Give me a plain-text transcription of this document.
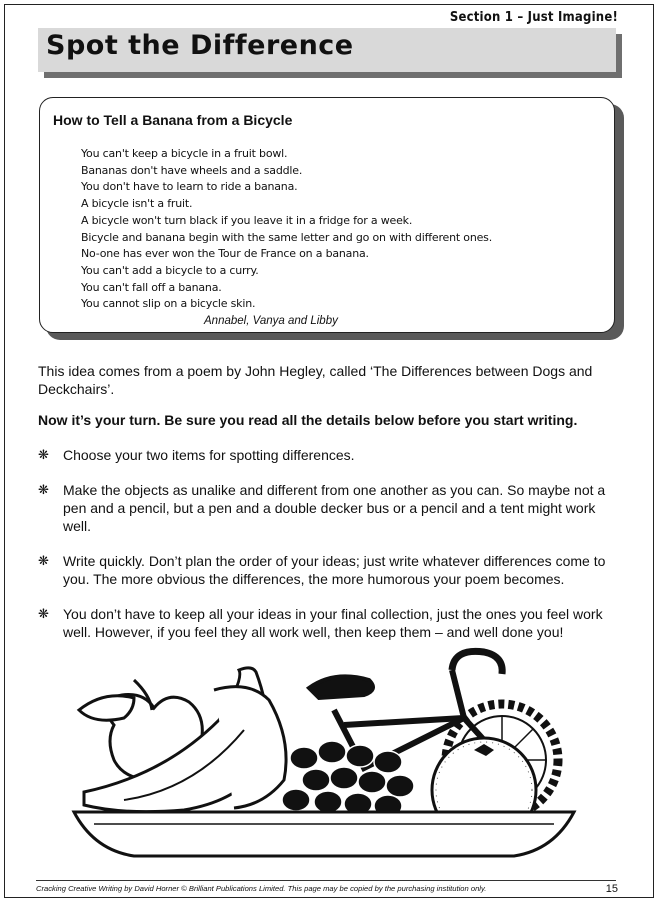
Section 1 – Just Imagine!
Spot the Difference
How to Tell a Banana from a Bicycle
You can't keep a bicycle in a fruit bowl.
Bananas don't have wheels and a saddle.
You don't have to learn to ride a banana.
A bicycle isn't a fruit.
A bicycle won't turn black if you leave it in a fridge for a week.
Bicycle and banana begin with the same letter and go on with different ones.
No-one has ever won the Tour de France on a banana.
You can't add a bicycle to a curry.
You can't fall off a banana.
You cannot slip on a bicycle skin.
Annabel, Vanya and Libby
This idea comes from a poem by John Hegley, called ‘The Differences between Dogs and Deckchairs’.
Now it’s your turn. Be sure you read all the details below before you start writing.
❋ Choose your two items for spotting differences.
❋ Make the objects as unalike and different from one another as you can. So maybe not a pen and a pencil, but a pen and a double decker bus or a pencil and a tent might work well.
❋ Write quickly. Don’t plan the order of your ideas; just write whatever differences come to you. The more obvious the differences, the more humorous your poem becomes.
❋ You don’t have to keep all your ideas in your final collection, just the ones you feel work well. However, if you feel they all work well, then keep them – and well done you!
Cracking Creative Writing by David Horner © Brilliant Publications Limited. This page may be copied by the purchasing institution only.	15
